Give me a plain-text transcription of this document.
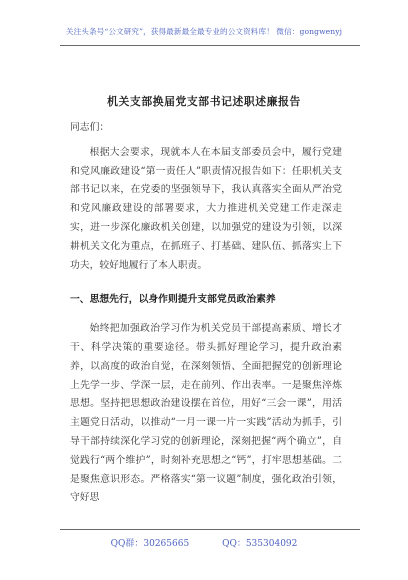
关注头条号“公文研究”，获得最新最全最专业的公文资料库！ 微信：gongwenyj
机关支部换届党支部书记述职述廉报告

同志们：

根据大会要求，现就本人在本届支部委员会中，履行党建和党风廉政建设“第一责任人”职责情况报告如下：任职机关支部书记以来，在党委的坚强领导下，我认真落实全面从严治党和党风廉政建设的部署要求，大力推进机关党建工作走深走实，进一步深化廉政机关创建，以加强党的建设为引领，以深耕机关文化为重点，在抓班子、打基础、建队伍、抓落实上下功夫，较好地履行了本人职责。

一、思想先行，以身作则提升支部党员政治素养

始终把加强政治学习作为机关党员干部提高素质、增长才干、科学决策的重要途径。带头抓好理论学习，提升政治素养，以高度的政治自觉，在深刻领悟、全面把握党的创新理论上先学一步、学深一层，走在前列、作出表率。一是聚焦淬炼思想。坚持把思想政治建设摆在首位，用好“三会一课”，用活主题党日活动，以推动“一月一课一片一实践”活动为抓手，引导干部持续深化学习党的创新理论，深刻把握“两个确立”，自觉践行“两个维护”，时刻补充思想之“钙”，打牢思想基础。二是聚焦意识形态。严格落实“第一议题”制度，强化政治引领，守好思

QQ群：30265665	QQ：535304092
